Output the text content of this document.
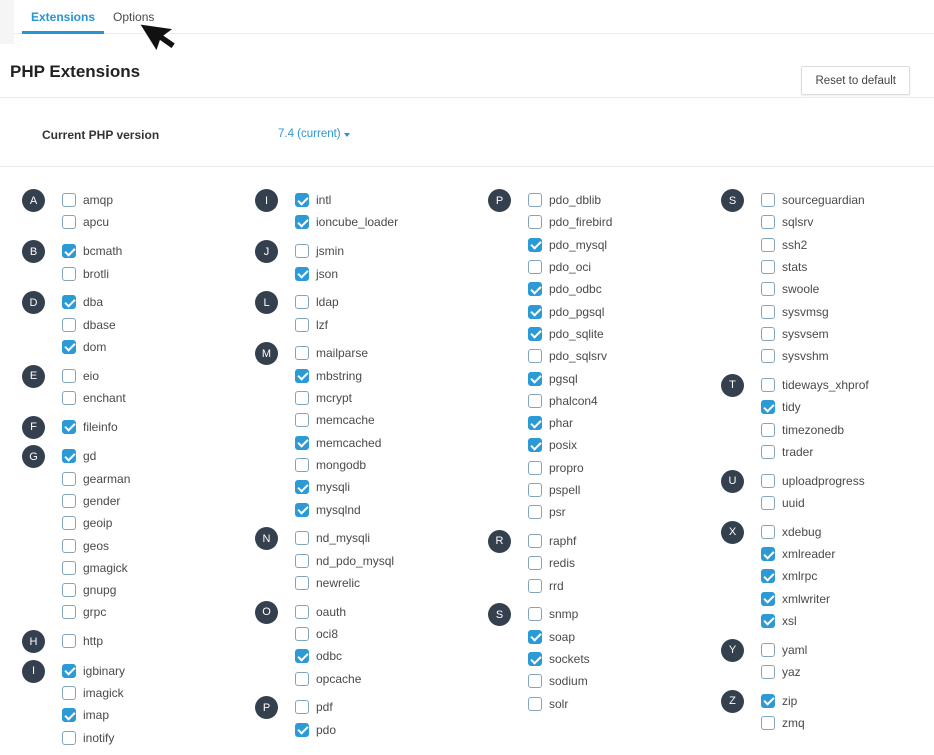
Extensions	Options
PHP Extensions	Reset to default
Current PHP version	7.4 (current)
A	amqp
apcu
B	bcmath
brotli
D	dba
dbase
dom
E	eio
enchant
F	fileinfo
G	gd
gearman
gender
geoip
geos
gmagick
gnupg
grpc
H	http
I	igbinary
imagick
imap
inotify
I	intl
ioncube_loader
J	jsmin
json
L	ldap
lzf
M	mailparse
mbstring
mcrypt
memcache
memcached
mongodb
mysqli
mysqlnd
N	nd_mysqli
nd_pdo_mysql
newrelic
O	oauth
oci8
odbc
opcache
P	pdf
pdo
P	pdo_dblib
pdo_firebird
pdo_mysql
pdo_oci
pdo_odbc
pdo_pgsql
pdo_sqlite
pdo_sqlsrv
pgsql
phalcon4
phar
posix
propro
pspell
psr
R	raphf
redis
rrd
S	snmp
soap
sockets
sodium
solr
S	sourceguardian
sqlsrv
ssh2
stats
swoole
sysvmsg
sysvsem
sysvshm
T	tideways_xhprof
tidy
timezonedb
trader
U	uploadprogress
uuid
X	xdebug
xmlreader
xmlrpc
xmlwriter
xsl
Y	yaml
yaz
Z	zip
zmq
